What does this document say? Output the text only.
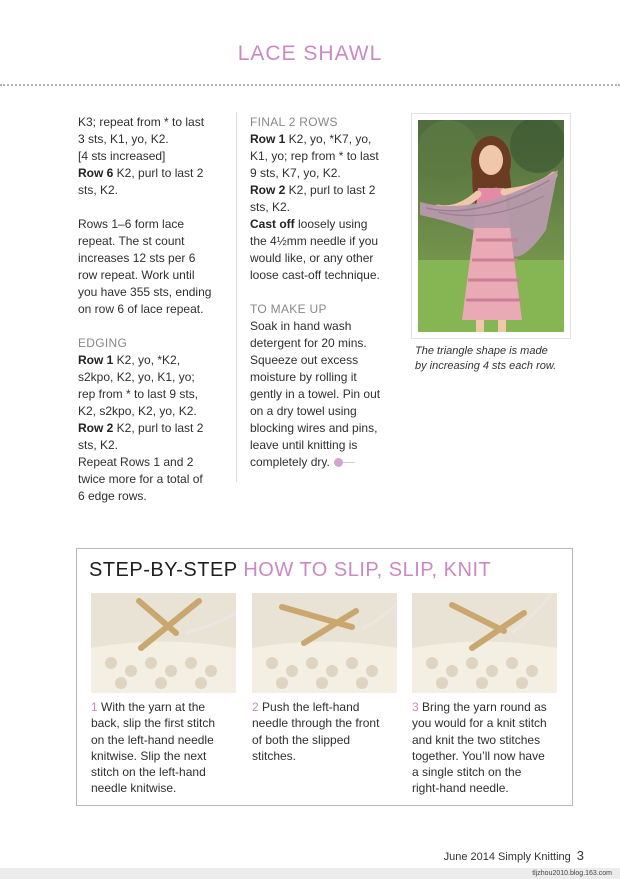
LACE SHAWL

K3; repeat from * to last

3 sts, K1, yo, K2.

[4 sts increased]

Row 6 K2, purl to last 2

sts, K2.

Rows 1–6 form lace

repeat. The st count

increases 12 sts per 6

row repeat. Work until

you have 355 sts, ending

on row 6 of lace repeat.

EDGING

Row 1 K2, yo, *K2,

s2kpo, K2, yo, K1, yo;

rep from * to last 9 sts,

K2, s2kpo, K2, yo, K2.

Row 2 K2, purl to last 2

sts, K2.

Repeat Rows 1 and 2

twice more for a total of

6 edge rows.

FINAL 2 ROWS

Row 1 K2, yo, *K7, yo,

K1, yo; rep from * to last

9 sts, K7, yo, K2.

Row 2 K2, purl to last 2

sts, K2.

Cast off loosely using

the 4½mm needle if you

would like, or any other

loose cast-off technique.

TO MAKE UP

Soak in hand wash

detergent for 20 mins.

Squeeze out excess

moisture by rolling it

gently in a towel. Pin out

on a dry towel using

blocking wires and pins,

leave until knitting is

completely dry.

The triangle shape is made
by increasing 4 sts each row.
STEP-BY-STEP HOW TO SLIP, SLIP, KNIT
1 With the yarn at the
back, slip the first stitch
on the left-hand needle
knitwise. Slip the next
stitch on the left-hand
needle knitwise.
2 Push the left-hand
needle through the front
of both the slipped
stitches.
3 Bring the yarn round as
you would for a knit stitch
and knit the two stitches
together. You’ll now have
a single stitch on the
right-hand needle.
June 2014 Simply Knitting 3
tljzhou2010.blog.163.com
